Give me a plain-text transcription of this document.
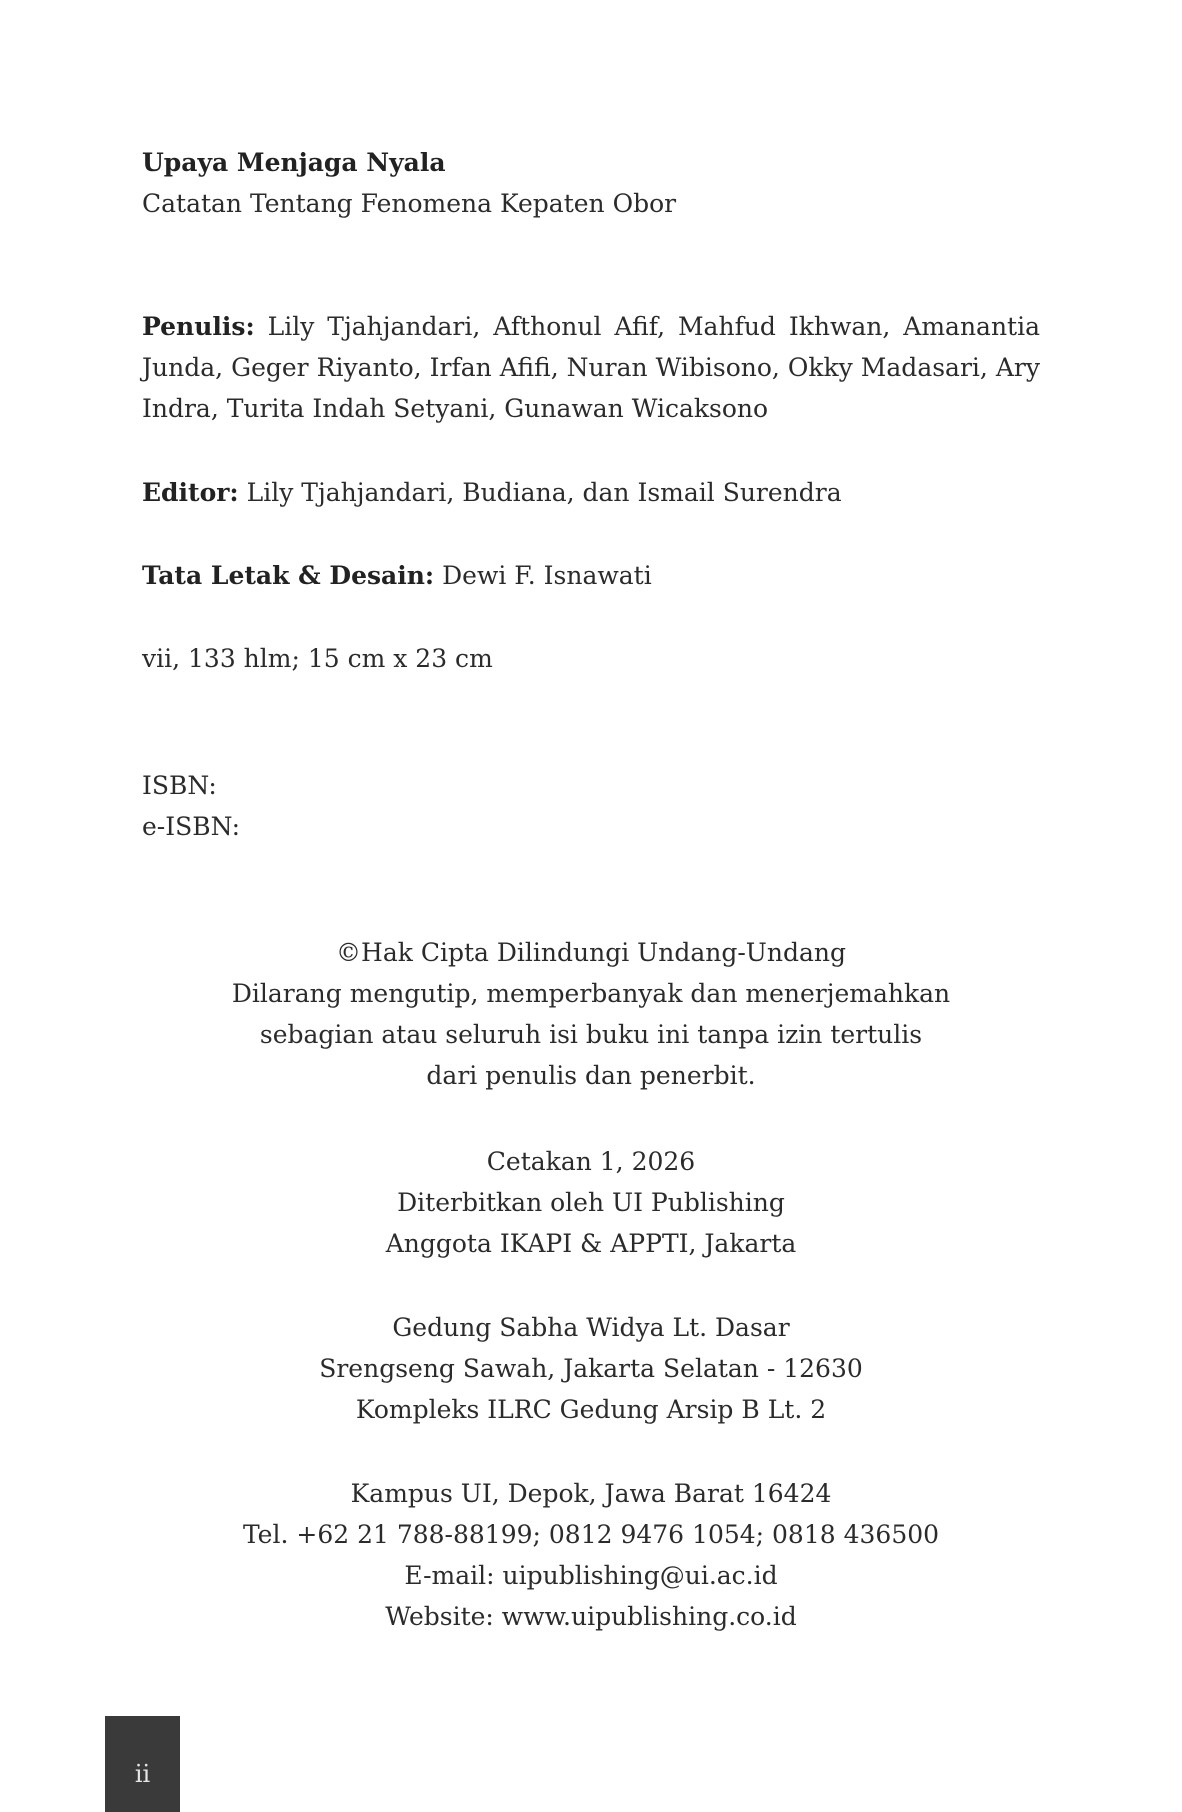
Upaya Menjaga Nyala
Catatan Tentang Fenomena Kepaten Obor
Penulis: Lily Tjahjandari, Afthonul Afif, Mahfud Ikhwan, Amanantia Junda, Geger Riyanto, Irfan Afifi, Nuran Wibisono, Okky Madasari, Ary Indra, Turita Indah Setyani, Gunawan Wicaksono
Editor: Lily Tjahjandari, Budiana, dan Ismail Surendra
Tata Letak & Desain: Dewi F. Isnawati
vii, 133 hlm; 15 cm x 23 cm
ISBN:
e-ISBN:
©Hak Cipta Dilindungi Undang-Undang
Dilarang mengutip, memperbanyak dan menerjemahkan
sebagian atau seluruh isi buku ini tanpa izin tertulis
dari penulis dan penerbit.
Cetakan 1, 2026
Diterbitkan oleh UI Publishing
Anggota IKAPI & APPTI, Jakarta
Gedung Sabha Widya Lt. Dasar
Srengseng Sawah, Jakarta Selatan - 12630
Kompleks ILRC Gedung Arsip B Lt. 2
Kampus UI, Depok, Jawa Barat 16424
Tel. +62 21 788-88199; 0812 9476 1054; 0818 436500
E-mail: uipublishing@ui.ac.id
Website: www.uipublishing.co.id
ii
